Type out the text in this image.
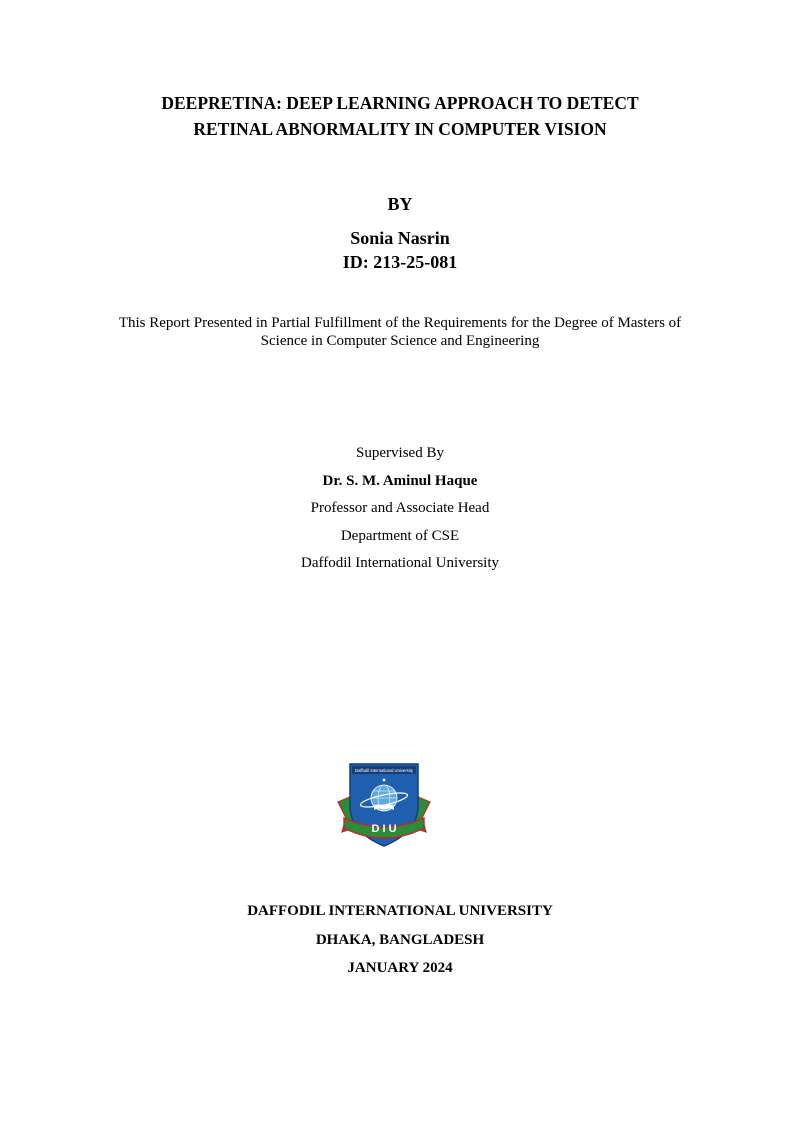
DEEPRETINA: DEEP LEARNING APPROACH TO DETECT
RETINAL ABNORMALITY IN COMPUTER VISION
BY
Sonia Nasrin
ID: 213-25-081
This Report Presented in Partial Fulfillment of the Requirements for the Degree of Masters of
Science in Computer Science and Engineering
Supervised By
Dr. S. M. Aminul Haque
Professor and Associate Head
Department of CSE
Daffodil International University
Daffodil International University
D I U
DAFFODIL INTERNATIONAL UNIVERSITY
DHAKA, BANGLADESH
JANUARY 2024
